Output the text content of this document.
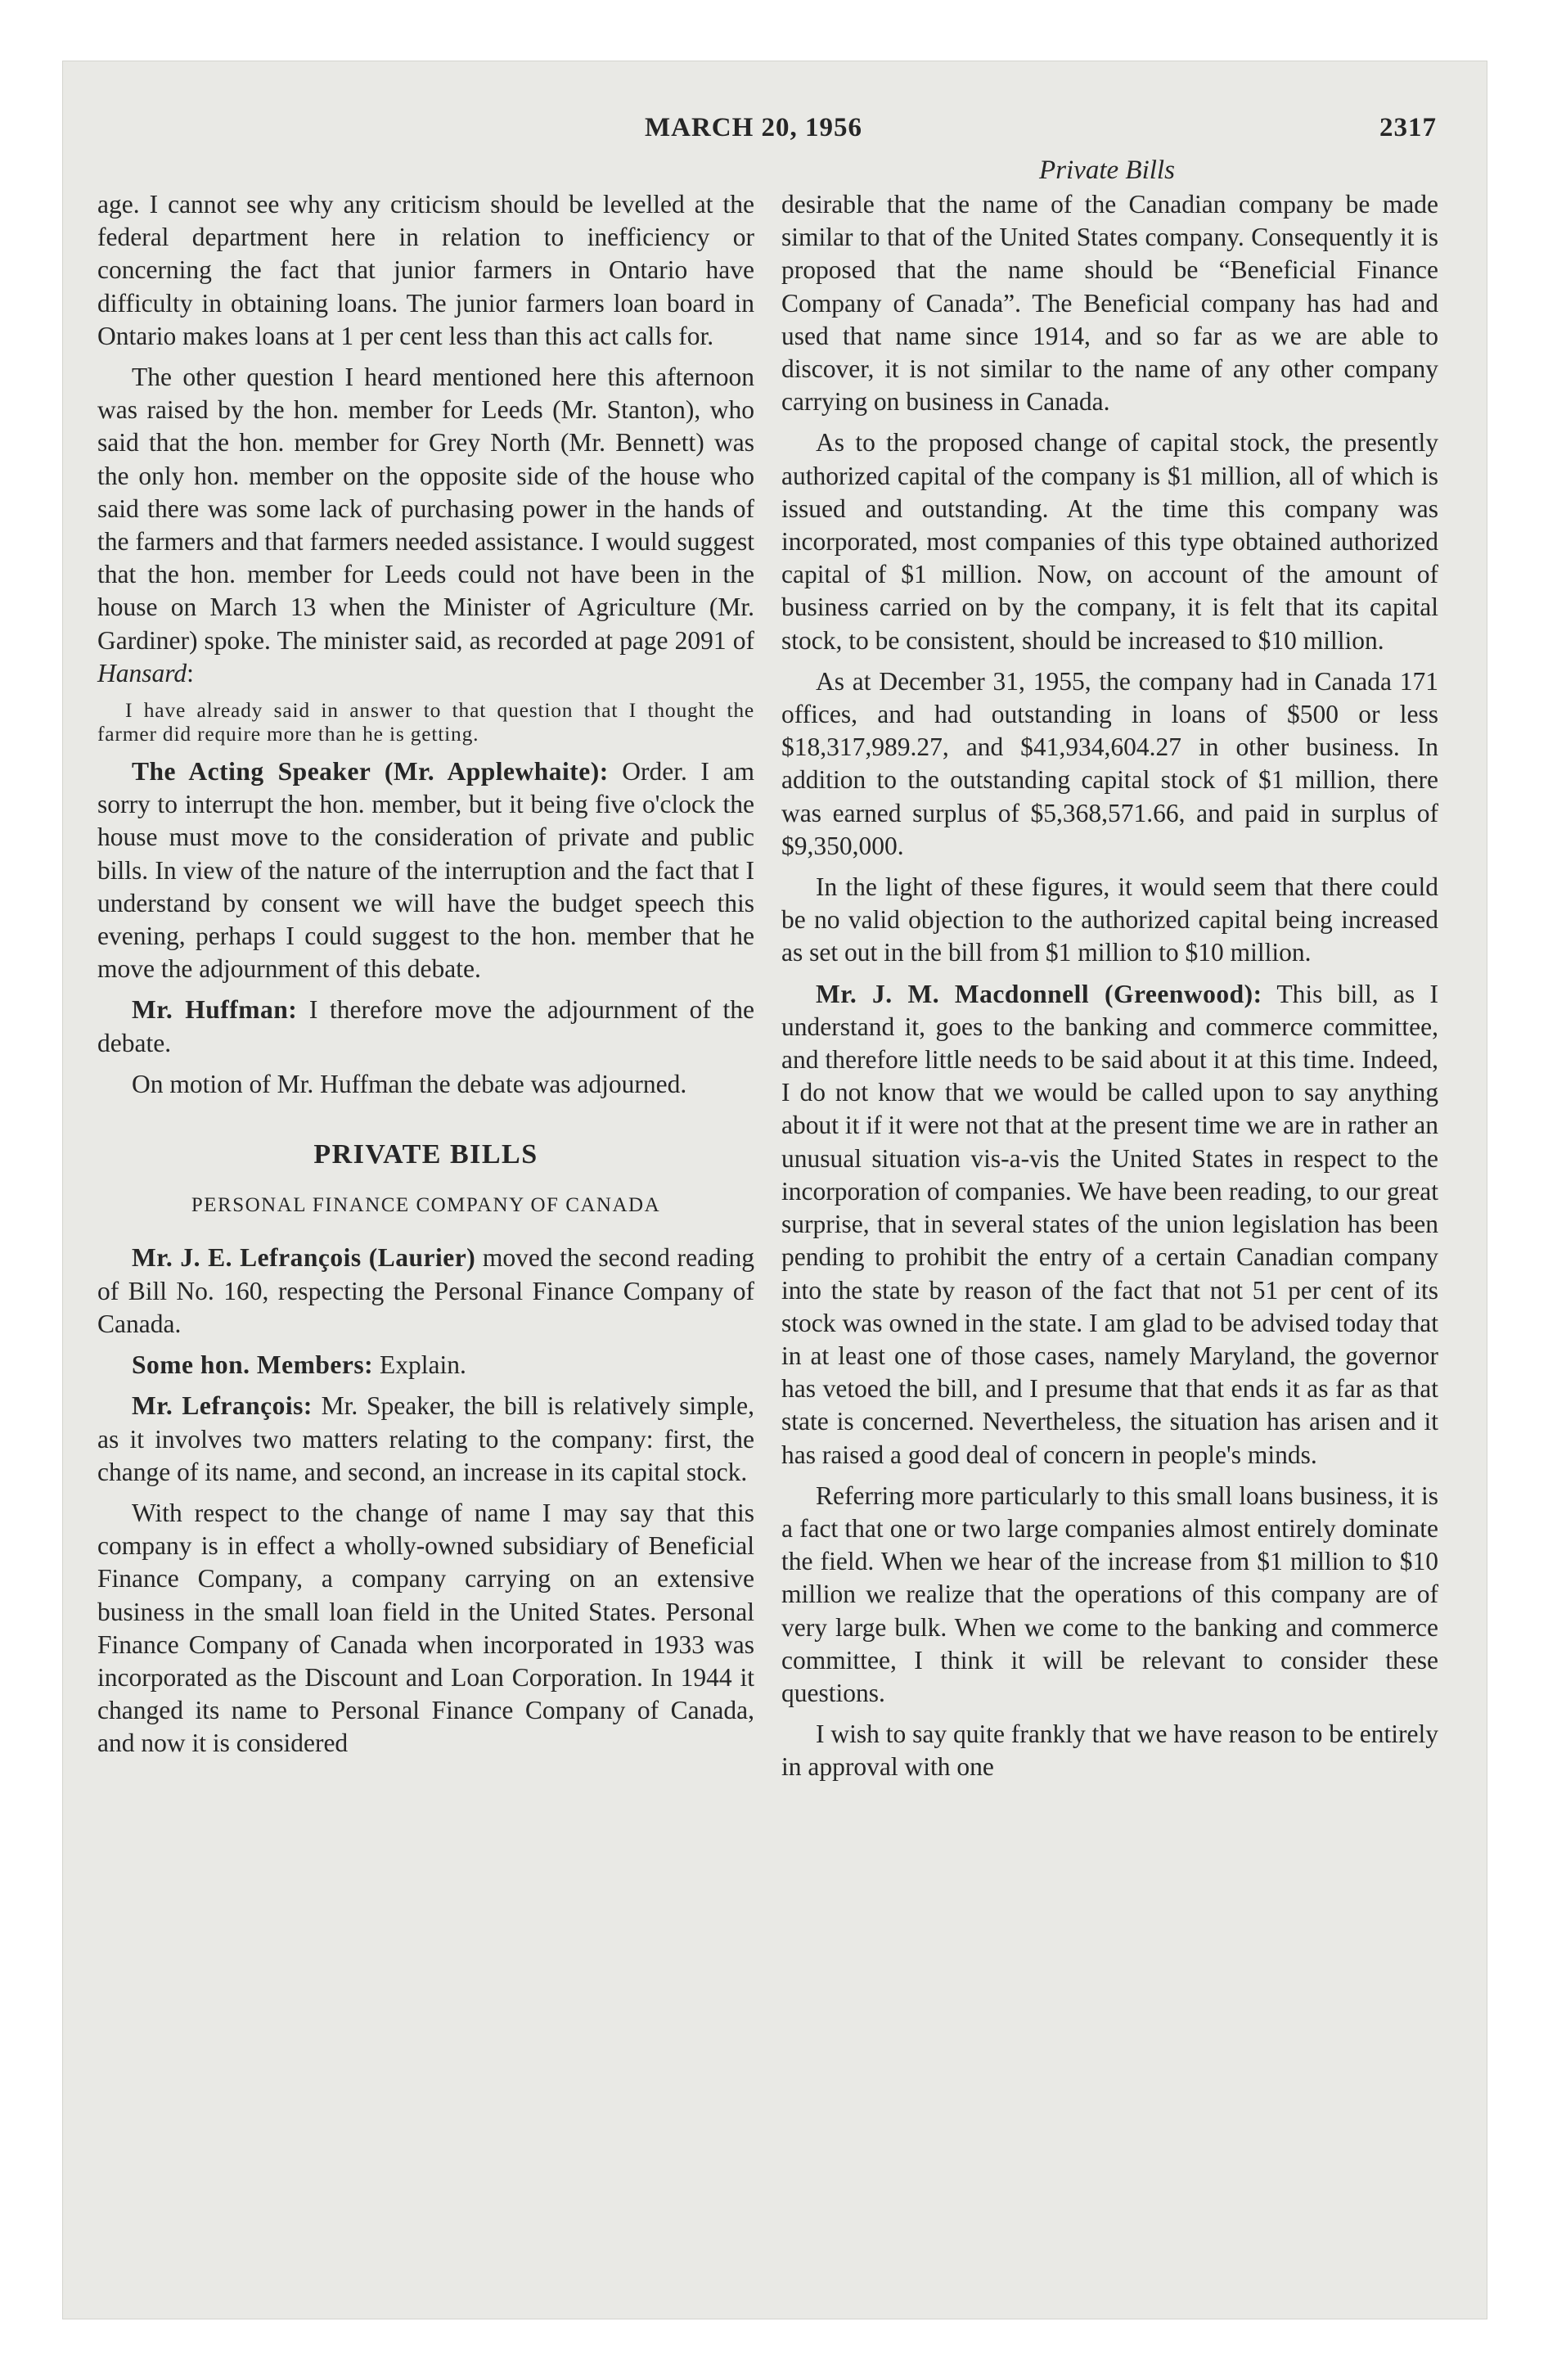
MARCH 20, 1956	2317
Private Bills

age. I cannot see why any criticism should be levelled at the federal department here in relation to inefficiency or concerning the fact that junior farmers in Ontario have difficulty in obtaining loans. The junior farmers loan board in Ontario makes loans at 1 per cent less than this act calls for.

The other question I heard mentioned here this afternoon was raised by the hon. member for Leeds (Mr. Stanton), who said that the hon. member for Grey North (Mr. Bennett) was the only hon. member on the opposite side of the house who said there was some lack of purchasing power in the hands of the farmers and that farmers needed assistance. I would suggest that the hon. member for Leeds could not have been in the house on March 13 when the Minister of Agriculture (Mr. Gardiner) spoke. The minister said, as recorded at page 2091 of Hansard:

I have already said in answer to that question that I thought the farmer did require more than he is getting.

The Acting Speaker (Mr. Applewhaite): Order. I am sorry to interrupt the hon. member, but it being five o'clock the house must move to the consideration of private and public bills. In view of the nature of the interruption and the fact that I understand by consent we will have the budget speech this evening, perhaps I could suggest to the hon. member that he move the adjournment of this debate.

Mr. Huffman: I therefore move the adjournment of the debate.

On motion of Mr. Huffman the debate was adjourned.

PRIVATE BILLS
PERSONAL FINANCE COMPANY OF CANADA

Mr. J. E. Lefrançois (Laurier) moved the second reading of Bill No. 160, respecting the Personal Finance Company of Canada.

Some hon. Members: Explain.

Mr. Lefrançois: Mr. Speaker, the bill is relatively simple, as it involves two matters relating to the company: first, the change of its name, and second, an increase in its capital stock.

With respect to the change of name I may say that this company is in effect a wholly-owned subsidiary of Beneficial Finance Company, a company carrying on an extensive business in the small loan field in the United States. Personal Finance Company of Canada when incorporated in 1933 was incorporated as the Discount and Loan Corporation. In 1944 it changed its name to Personal Finance Company of Canada, and now it is considered

desirable that the name of the Canadian company be made similar to that of the United States company. Consequently it is proposed that the name should be “Beneficial Finance Company of Canada”. The Beneficial company has had and used that name since 1914, and so far as we are able to discover, it is not similar to the name of any other company carrying on business in Canada.

As to the proposed change of capital stock, the presently authorized capital of the company is $1 million, all of which is issued and outstanding. At the time this company was incorporated, most companies of this type obtained authorized capital of $1 million. Now, on account of the amount of business carried on by the company, it is felt that its capital stock, to be consistent, should be increased to $10 million.

As at December 31, 1955, the company had in Canada 171 offices, and had outstanding in loans of $500 or less $18,317,989.27, and $41,934,604.27 in other business. In addition to the outstanding capital stock of $1 million, there was earned surplus of $5,368,571.66, and paid in surplus of $9,350,000.

In the light of these figures, it would seem that there could be no valid objection to the authorized capital being increased as set out in the bill from $1 million to $10 million.

Mr. J. M. Macdonnell (Greenwood): This bill, as I understand it, goes to the banking and commerce committee, and therefore little needs to be said about it at this time. Indeed, I do not know that we would be called upon to say anything about it if it were not that at the present time we are in rather an unusual situation vis-a-vis the United States in respect to the incorporation of companies. We have been reading, to our great surprise, that in several states of the union legislation has been pending to prohibit the entry of a certain Canadian company into the state by reason of the fact that not 51 per cent of its stock was owned in the state. I am glad to be advised today that in at least one of those cases, namely Maryland, the governor has vetoed the bill, and I presume that that ends it as far as that state is concerned. Nevertheless, the situation has arisen and it has raised a good deal of concern in people's minds.

Referring more particularly to this small loans business, it is a fact that one or two large companies almost entirely dominate the field. When we hear of the increase from $1 million to $10 million we realize that the operations of this company are of very large bulk. When we come to the banking and commerce committee, I think it will be relevant to consider these questions.

I wish to say quite frankly that we have reason to be entirely in approval with one
